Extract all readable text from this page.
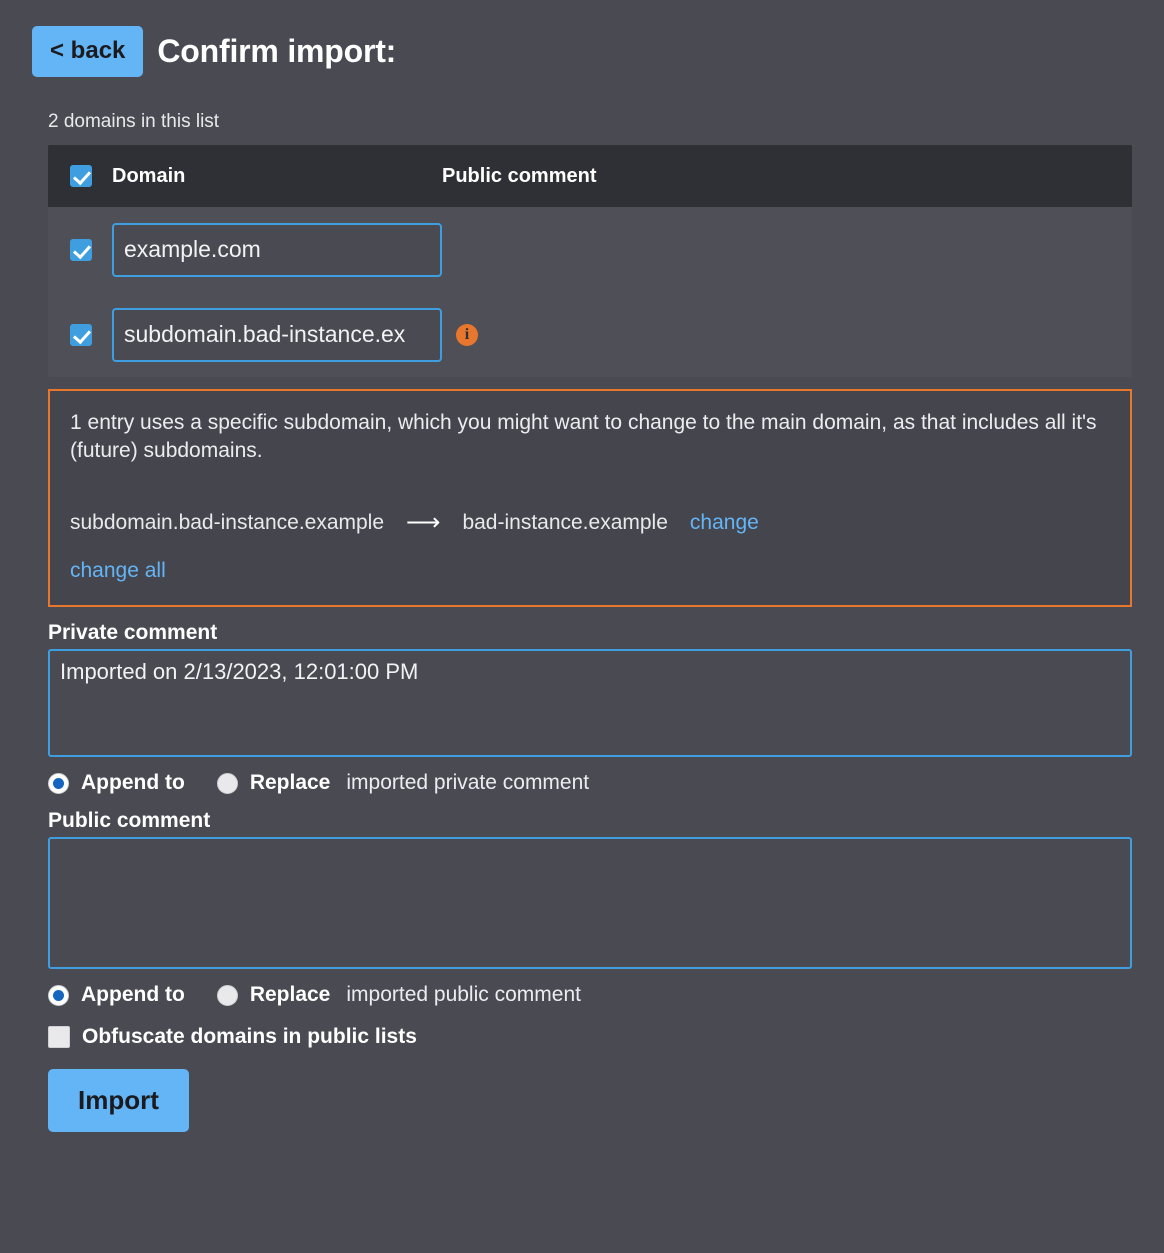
< back	Confirm import:
2 domains in this list
Domain	Public comment
example.com
subdomain.bad-instance.ex
i

1 entry uses a specific subdomain, which you might want to change to the main domain, as that includes all it's (future) subdomains.

subdomain.bad-instance.example ⟶ bad-instance.example change
change all
Private comment
Imported on 2/13/2023, 12:01:00 PM
Append to	Replace imported private comment
Public comment
Append to	Replace imported public comment
Obfuscate domains in public lists
Import
